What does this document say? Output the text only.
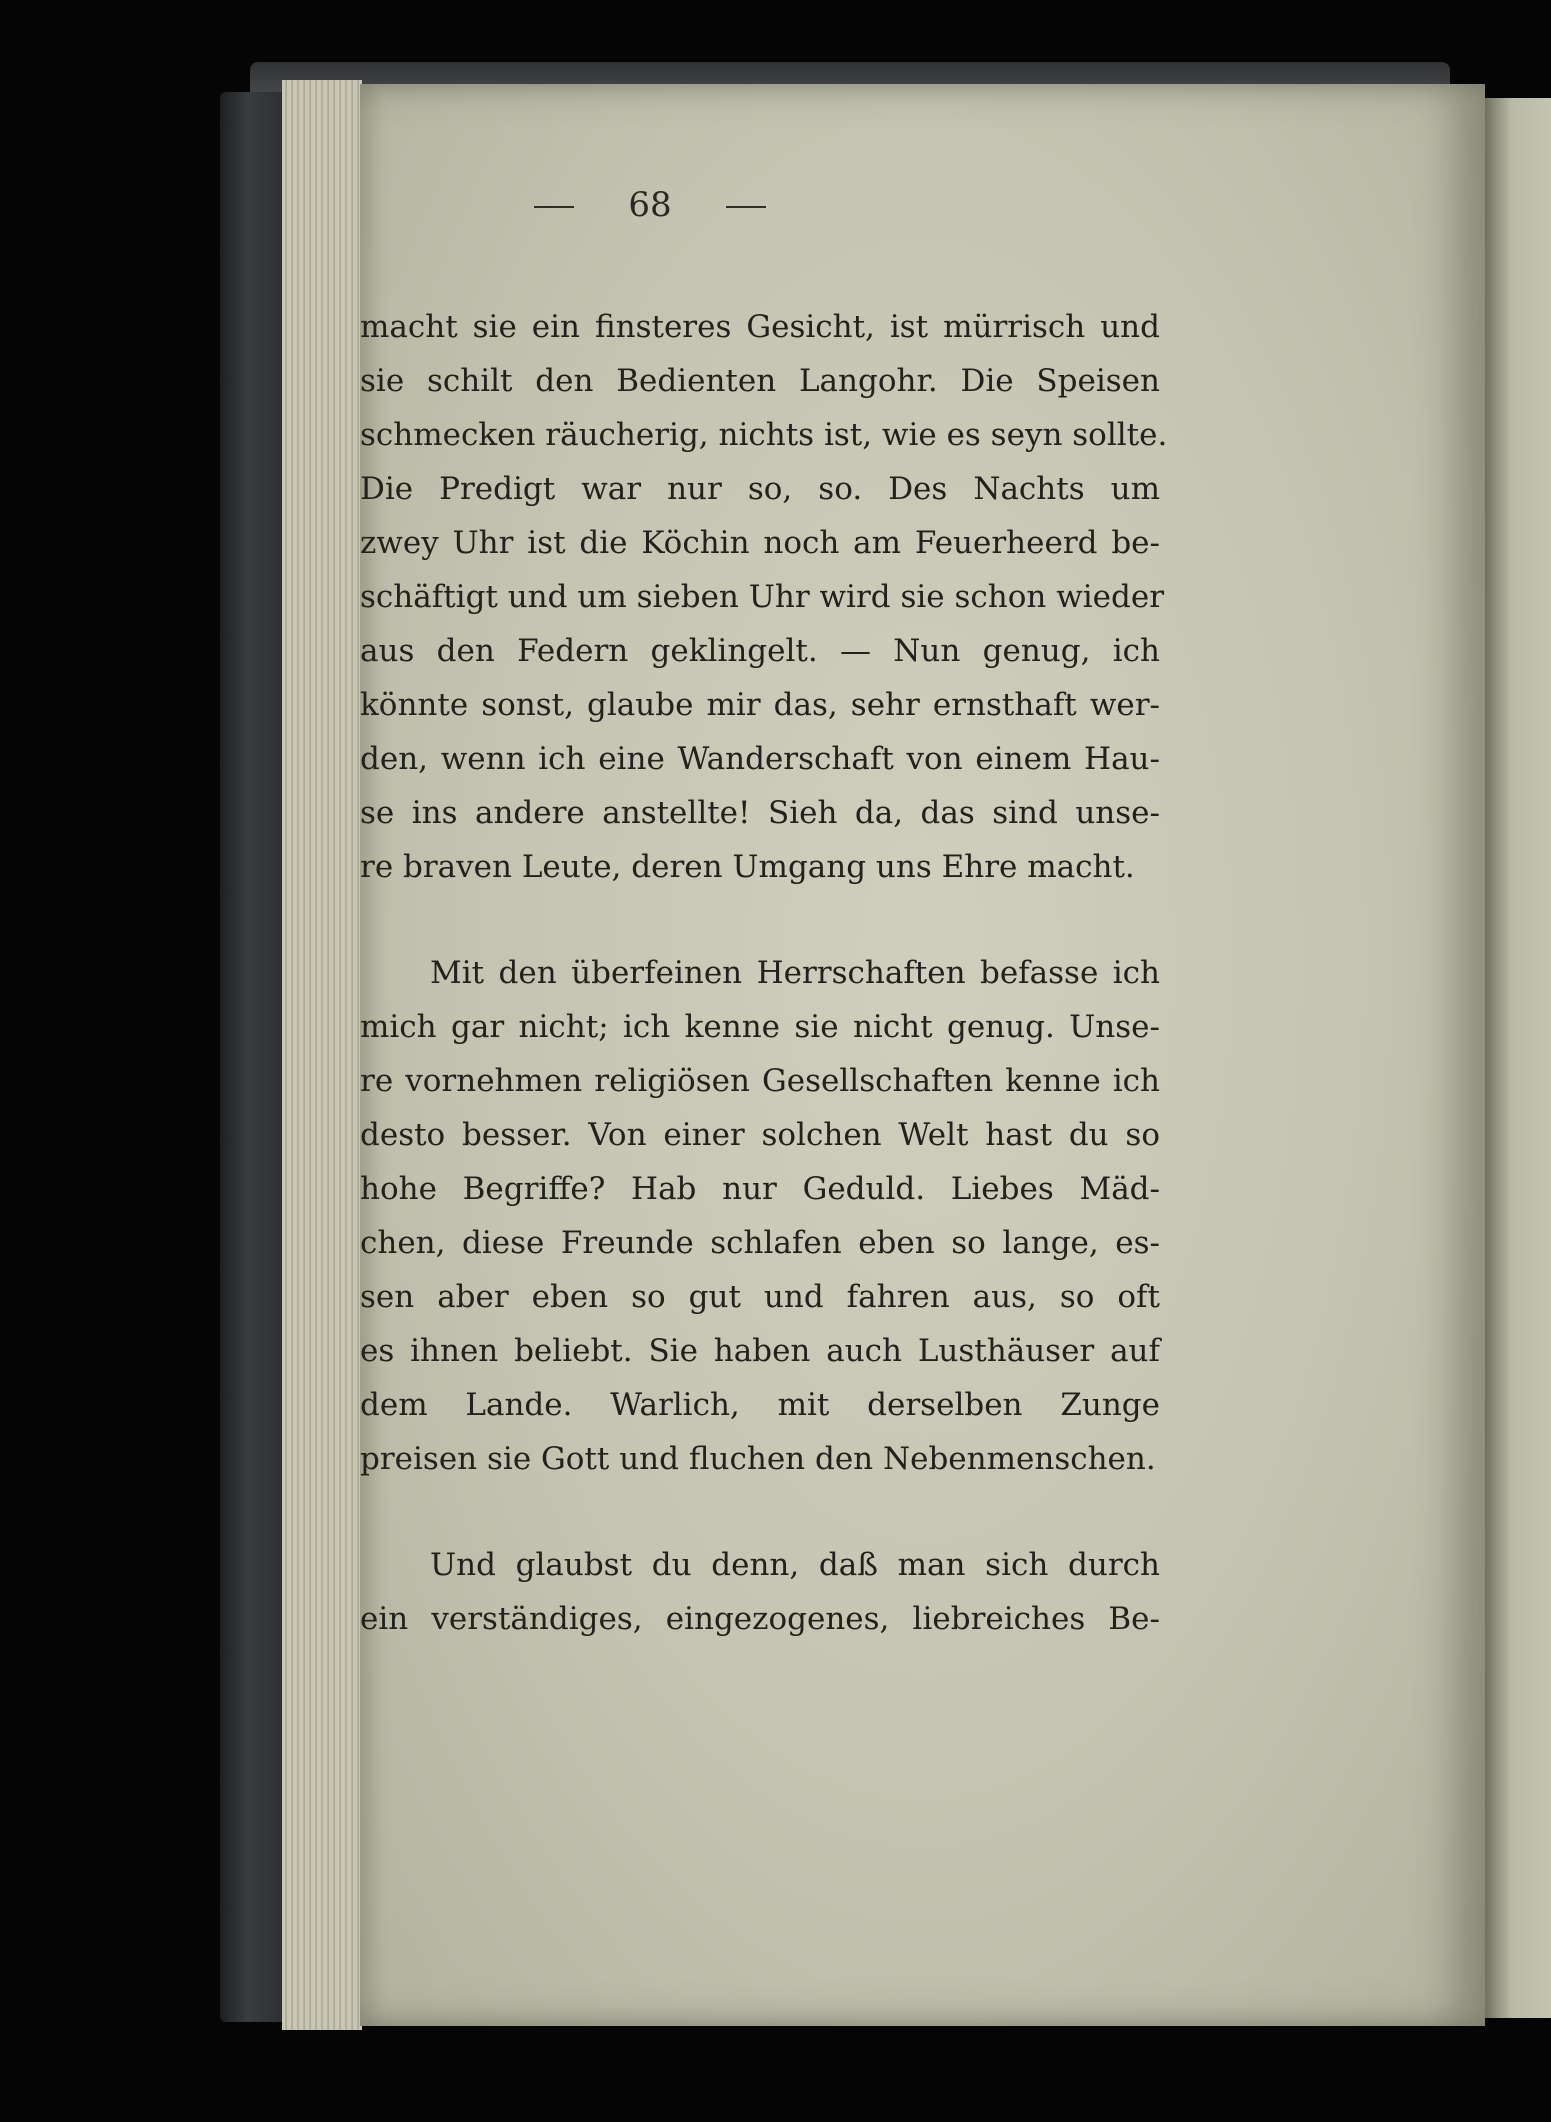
68
macht sie ein finsteres Gesicht, ist mürrisch und
sie schilt den Bedienten Langohr. Die Speisen
schmecken räucherig, nichts ist, wie es seyn sollte.
Die Predigt war nur so, so. Des Nachts um
zwey Uhr ist die Köchin noch am Feuerheerd be-
schäftigt und um sieben Uhr wird sie schon wieder
aus den Federn geklingelt. — Nun genug, ich
könnte sonst, glaube mir das, sehr ernsthaft wer-
den, wenn ich eine Wanderschaft von einem Hau-
se ins andere anstellte! Sieh da, das sind unse-
re braven Leute, deren Umgang uns Ehre macht.
Mit den überfeinen Herrschaften befasse ich
mich gar nicht; ich kenne sie nicht genug. Unse-
re vornehmen religiösen Gesellschaften kenne ich
desto besser. Von einer solchen Welt hast du so
hohe Begriffe? Hab nur Geduld. Liebes Mäd-
chen, diese Freunde schlafen eben so lange, es-
sen aber eben so gut und fahren aus, so oft
es ihnen beliebt. Sie haben auch Lusthäuser auf
dem Lande. Warlich, mit derselben Zunge
preisen sie Gott und fluchen den Nebenmenschen.
Und glaubst du denn, daß man sich durch
ein verständiges, eingezogenes, liebreiches Be-
